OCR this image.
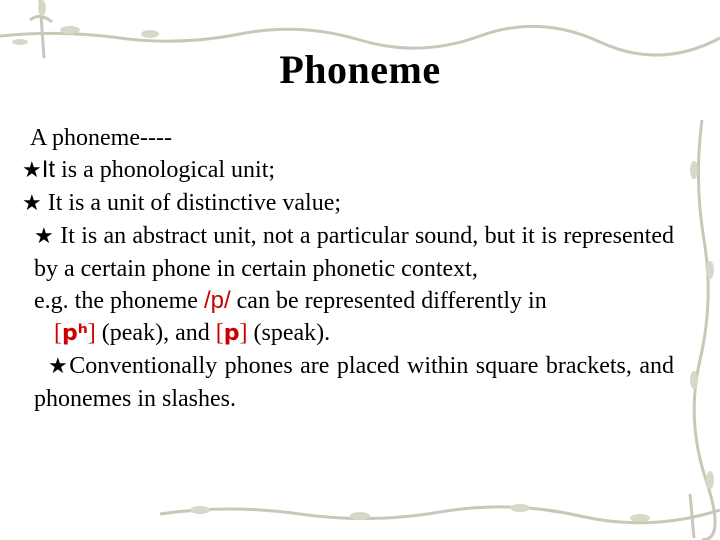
Phoneme
A phoneme----
★It is a phonological unit;
★ It is a unit of distinctive value;
★ It is an abstract unit, not a particular sound, but it is represented by a certain phone in certain phonetic context,
e.g. the phoneme /p/ can be represented differently in
[pʰ] (peak), and [p] (speak).
★Conventionally phones are placed within square brackets, and phonemes in slashes.
